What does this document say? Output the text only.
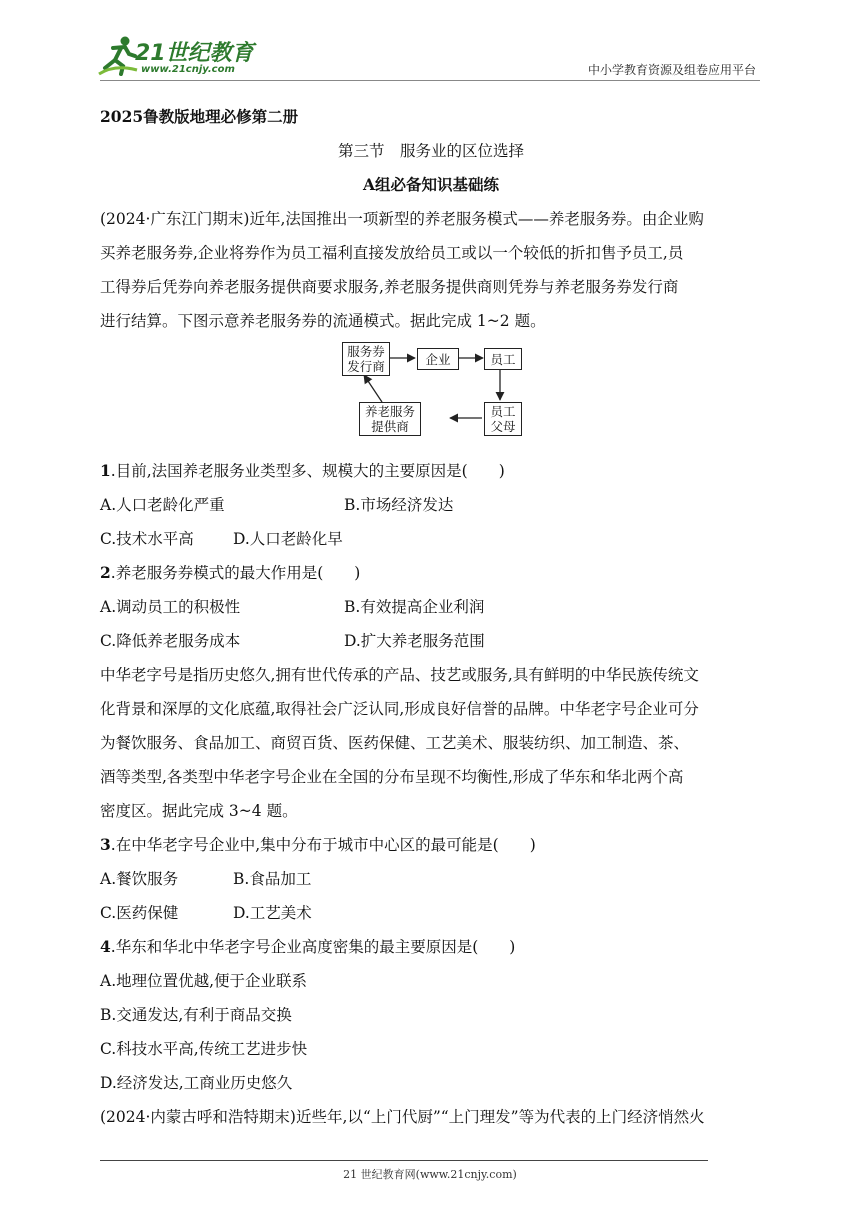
21世纪教育
www.21cnjy.com	中小学教育资源及组卷应用平台
2025鲁教版地理必修第二册
第三节　服务业的区位选择
A组必备知识基础练
(2024·广东江门期末)近年,法国推出一项新型的养老服务模式——养老服务券。由企业购
买养老服务券,企业将券作为员工福利直接发放给员工或以一个较低的折扣售予员工,员
工得券后凭券向养老服务提供商要求服务,养老服务提供商则凭券与养老服务券发行商
进行结算。下图示意养老服务券的流通模式。据此完成 1~2 题。
服务券
发行商	企业	员工
员工
父母
养老服务
提供商
1.目前,法国养老服务业类型多、规模大的主要原因是(　　)
A.人口老龄化严重	B.市场经济发达
C.技术水平高	D.人口老龄化早
2.养老服务券模式的最大作用是(　　)
A.调动员工的积极性	B.有效提高企业利润
C.降低养老服务成本	D.扩大养老服务范围
中华老字号是指历史悠久,拥有世代传承的产品、技艺或服务,具有鲜明的中华民族传统文
化背景和深厚的文化底蕴,取得社会广泛认同,形成良好信誉的品牌。中华老字号企业可分
为餐饮服务、食品加工、商贸百货、医药保健、工艺美术、服装纺织、加工制造、茶、
酒等类型,各类型中华老字号企业在全国的分布呈现不均衡性,形成了华东和华北两个高
密度区。据此完成 3~4 题。
3.在中华老字号企业中,集中分布于城市中心区的最可能是(　　)
A.餐饮服务	B.食品加工
C.医药保健	D.工艺美术
4.华东和华北中华老字号企业高度密集的最主要原因是(　　)
A.地理位置优越,便于企业联系
B.交通发达,有利于商品交换
C.科技水平高,传统工艺进步快
D.经济发达,工商业历史悠久
(2024·内蒙古呼和浩特期末)近些年,以“上门代厨”“上门理发”等为代表的上门经济悄然火
21 世纪教育网(www.21cnjy.com)
